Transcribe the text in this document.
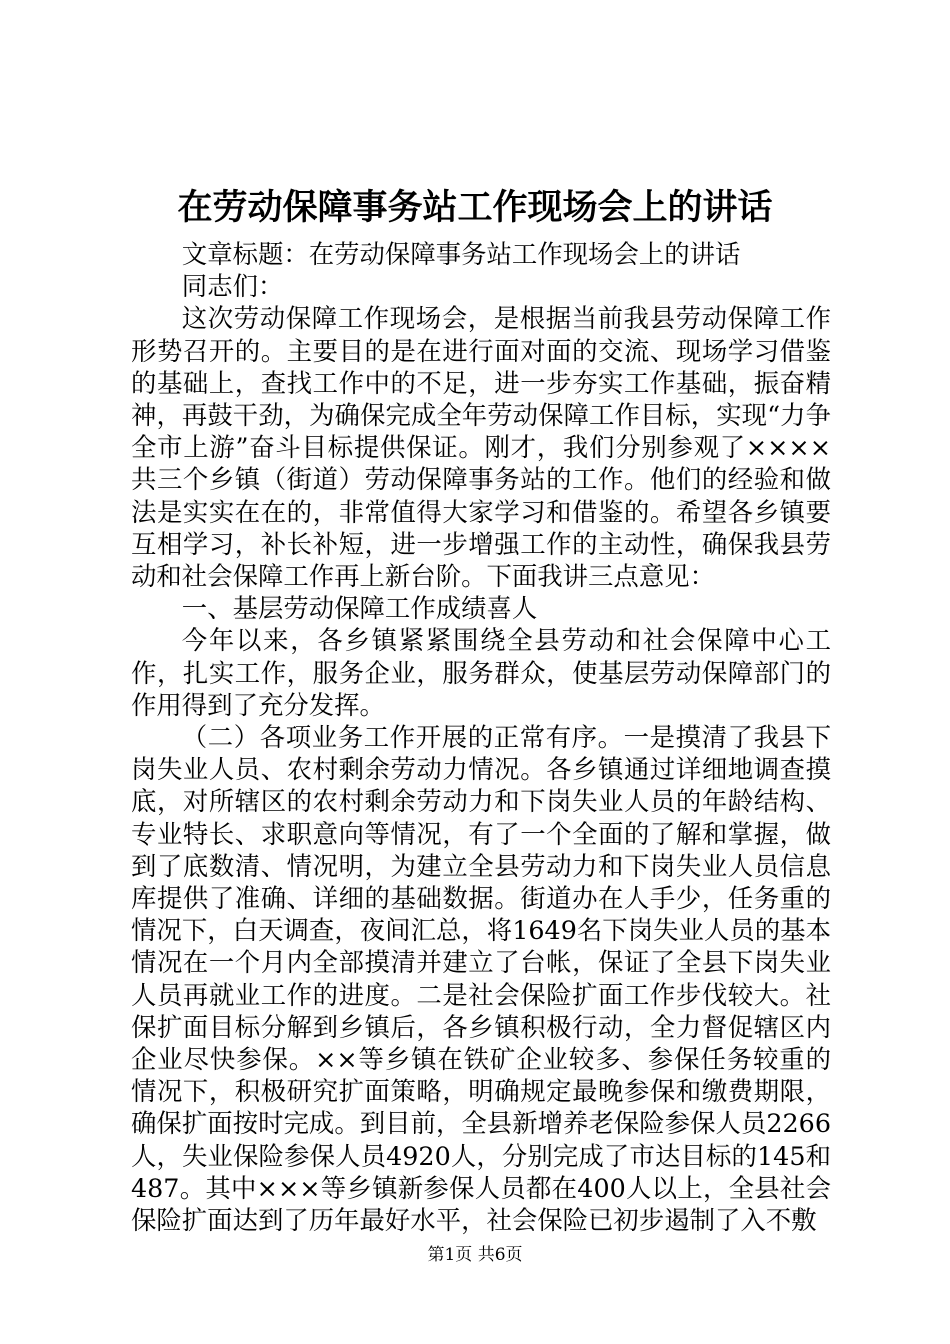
在劳动保障事务站工作现场会上的讲话

文章标题：在劳动保障事务站工作现场会上的讲话

同志们：

这次劳动保障工作现场会，是根据当前我县劳动保障工作形势召开的。主要目的是在进行面对面的交流、现场学习借鉴的基础上，查找工作中的不足，进一步夯实工作基础，振奋精神，再鼓干劲，为确保完成全年劳动保障工作目标，实现“力争全市上游”奋斗目标提供保证。刚才，我们分别参观了××××共三个乡镇（街道）劳动保障事务站的工作。他们的经验和做法是实实在在的，非常值得大家学习和借鉴的。希望各乡镇要互相学习，补长补短，进一步增强工作的主动性，确保我县劳动和社会保障工作再上新台阶。下面我讲三点意见：

一、基层劳动保障工作成绩喜人

今年以来，各乡镇紧紧围绕全县劳动和社会保障中心工作，扎实工作，服务企业，服务群众，使基层劳动保障部门的作用得到了充分发挥。

（二）各项业务工作开展的正常有序。一是摸清了我县下岗失业人员、农村剩余劳动力情况。各乡镇通过详细地调查摸底，对所辖区的农村剩余劳动力和下岗失业人员的年龄结构、专业特长、求职意向等情况，有了一个全面的了解和掌握，做到了底数清、情况明，为建立全县劳动力和下岗失业人员信息库提供了准确、详细的基础数据。街道办在人手少，任务重的情况下，白天调查，夜间汇总，将1649名下岗失业人员的基本情况在一个月内全部摸清并建立了台帐，保证了全县下岗失业人员再就业工作的进度。二是社会保险扩面工作步伐较大。社保扩面目标分解到乡镇后，各乡镇积极行动，全力督促辖区内企业尽快参保。××等乡镇在铁矿企业较多、参保任务较重的情况下，积极研究扩面策略，明确规定最晚参保和缴费期限，确保扩面按时完成。到目前，全县新增养老保险参保人员2266人，失业保险参保人员4920人，分别完成了市达目标的145和487。其中×××等乡镇新参保人员都在400人以上，全县社会保险扩面达到了历年最好水平，社会保险已初步遏制了入不敷

第1页 共6页
